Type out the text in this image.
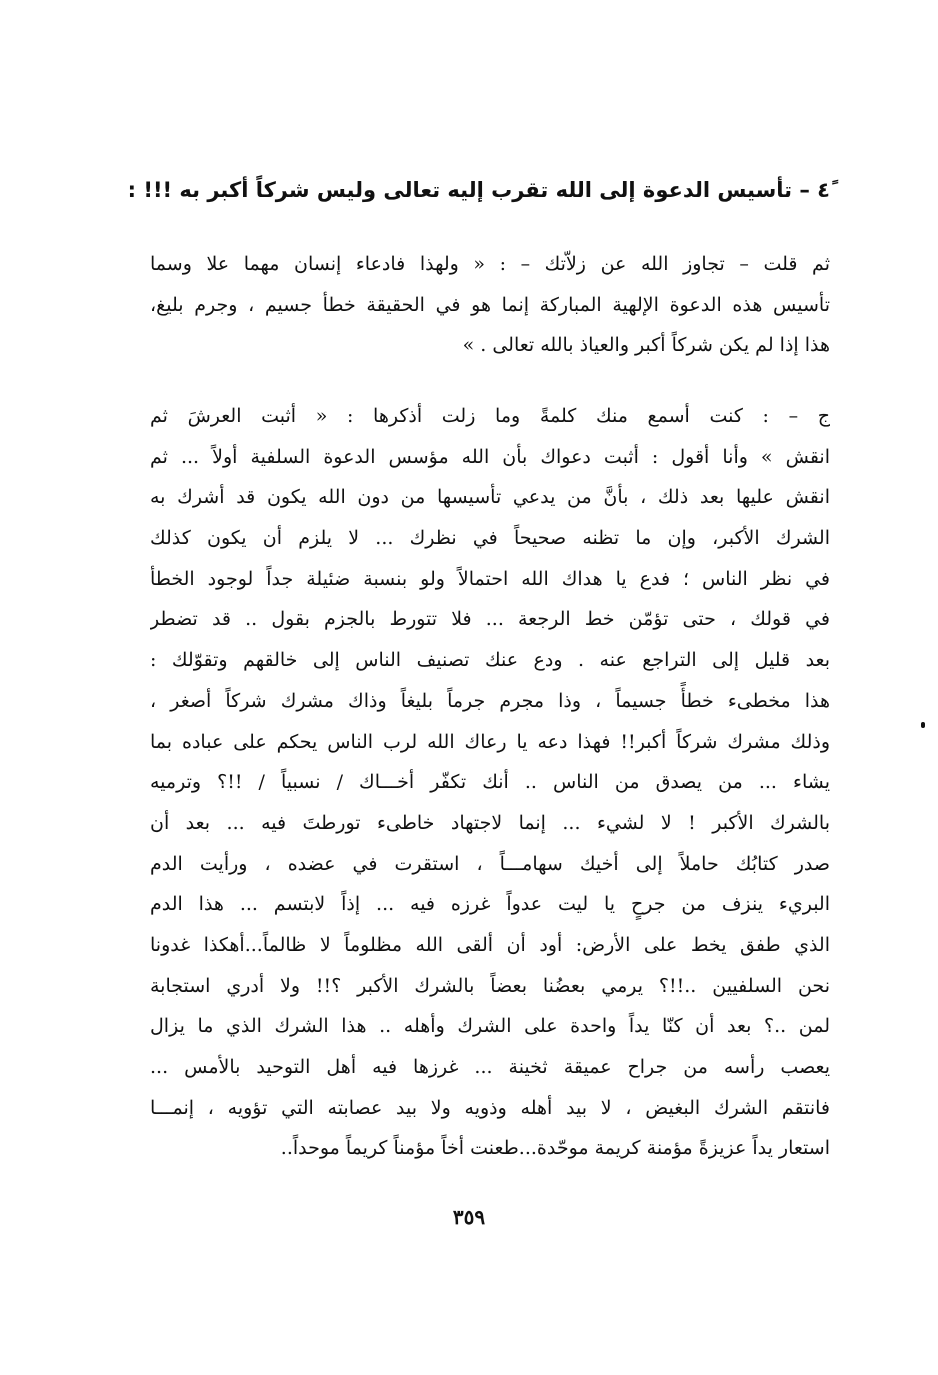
٤ً – تأسيس الدعوة إلى الله تقرب إليه تعالى وليس شركاً أكبر به !!! :
ثم قلت – تجاوز الله عن زلاّتك – : « ولهذا فادعاء إنسان مهما علا وسما
تأسيس هذه الدعوة الإلهية المباركة إنما هو في الحقيقة خطأ جسيم ، وجرم بليغ،
هذا إذا لم يكن شركاً أكبر والعياذ بالله تعالى . »
ج – : كنت أسمع منك كلمةً وما زلت أذكرها : « أثبت العرشَ ثم
انقش » وأنا أقول : أثبت دعواك بأن الله مؤسس الدعوة السلفية أولاً ... ثم
انقش عليها بعد ذلك ، بأنَّ من يدعي تأسيسها من دون الله يكون قد أشرك به
الشرك الأكبر، وإن ما تظنه صحيحاً في نظرك ... لا يلزم أن يكون كذلك
في نظر الناس ؛ فدع يا هداك الله احتمالاً ولو بنسبة ضئيلة جداً لوجود الخطأ
في قولك ، حتى تؤمّن خط الرجعة ... فلا تتورط بالجزم بقول .. قد تضطر
بعد قليل إلى التراجع عنه . ودع عنك تصنيف الناس إلى خالقهم وتقوّلك :
هذا مخطىء خطأً جسيماً ، وذا مجرم جرماً بليغاً وذاك مشرك شركاً أصغر ،
وذلك مشرك شركاً أكبر!! فهذا دعه يا رعاك الله لرب الناس يحكم على عباده بما
يشاء ... من يصدق من الناس .. أنك تكفّر أخـــاك / نسبياً / !!؟ وترميه
بالشرك الأكبر ! لا لشيء ... إنما لاجتهاد خاطىء تورطتَ فيه ... بعد أن
صدر كتابُك حاملاً إلى أخيك سهامـــاً ، استقرت في عضده ، ورأيت الدم
البريء ينزف من جرحٍ يا ليت عدواً غرزه فيه ... إذاً لابتسم ... هذا الدم
الذي طفق يخط على الأرض: أود أن ألقى الله مظلوماً لا ظالماً...أهكذا غدونا
نحن السلفيين ..!!؟ يرمي بعضُنا بعضاً بالشرك الأكبر ؟!! ولا أدري استجابة
لمن ..؟ بعد أن كنّا يداً واحدة على الشرك وأهله .. هذا الشرك الذي ما يزال
يعصب رأسه من جراح عميقة ثخينة ... غرزها فيه أهل التوحيد بالأمس ...
فانتقم الشرك البغيض ، لا بيد أهله وذويه ولا بيد عصابته التي تؤويه ، إنمـــا
استعار يداً عزيزةً مؤمنة كريمة موحّدة...طعنت أخاً مؤمناً كريماً موحداً..
٣٥٩
